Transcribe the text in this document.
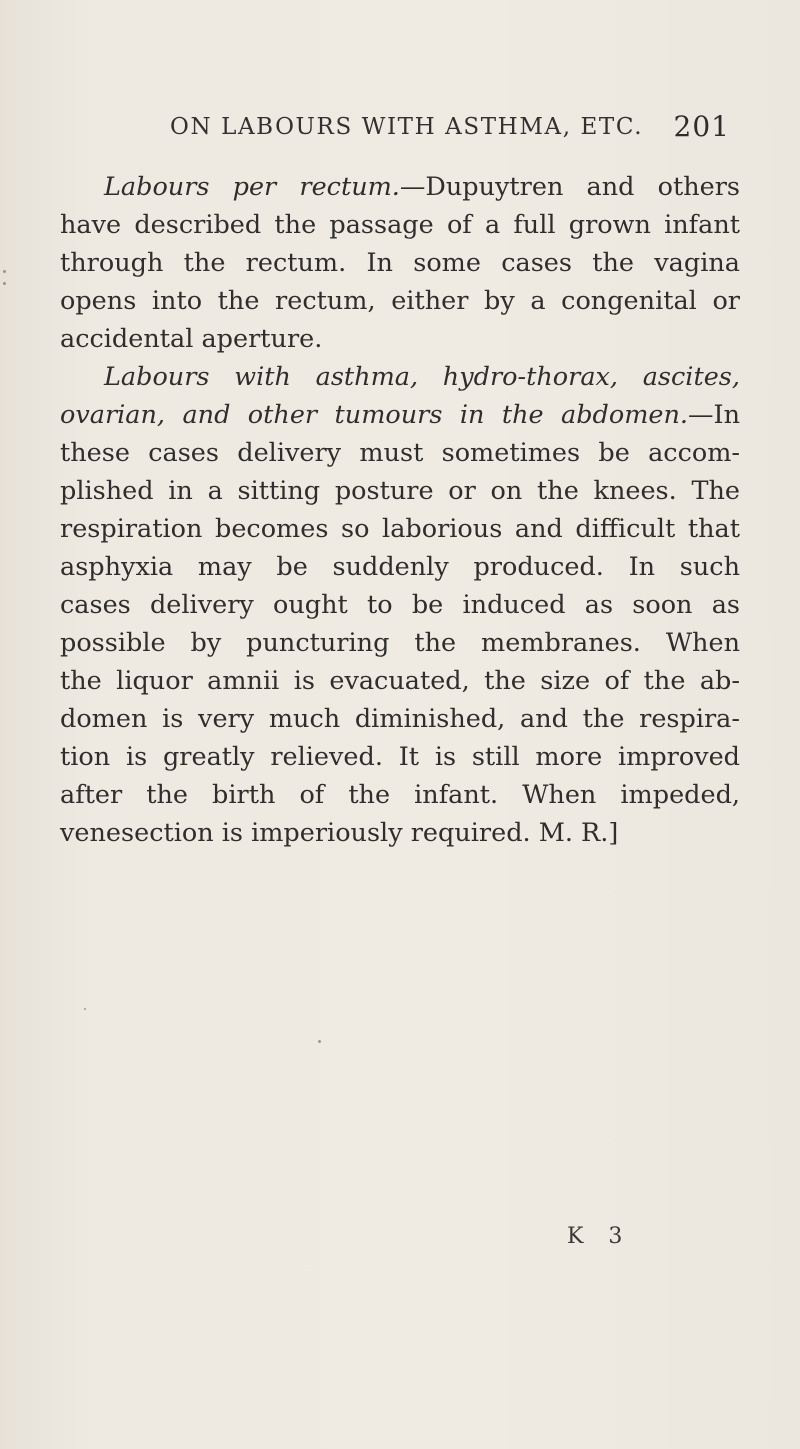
ON LABOURS WITH ASTHMA, ETC. 201
Labours per rectum.—Dupuytren and others
have described the passage of a full grown infant
through the rectum. In some cases the vagina
opens into the rectum, either by a congenital or
accidental aperture.
Labours with asthma, hydro-thorax, ascites,
ovarian, and other tumours in the abdomen.—In
these cases delivery must sometimes be accom-
plished in a sitting posture or on the knees. The
respiration becomes so laborious and difficult that
asphyxia may be suddenly produced. In such
cases delivery ought to be induced as soon as
possible by puncturing the membranes. When
the liquor amnii is evacuated, the size of the ab-
domen is very much diminished, and the respira-
tion is greatly relieved. It is still more improved
after the birth of the infant. When impeded,
venesection is imperiously required. M. R.]
K 3
